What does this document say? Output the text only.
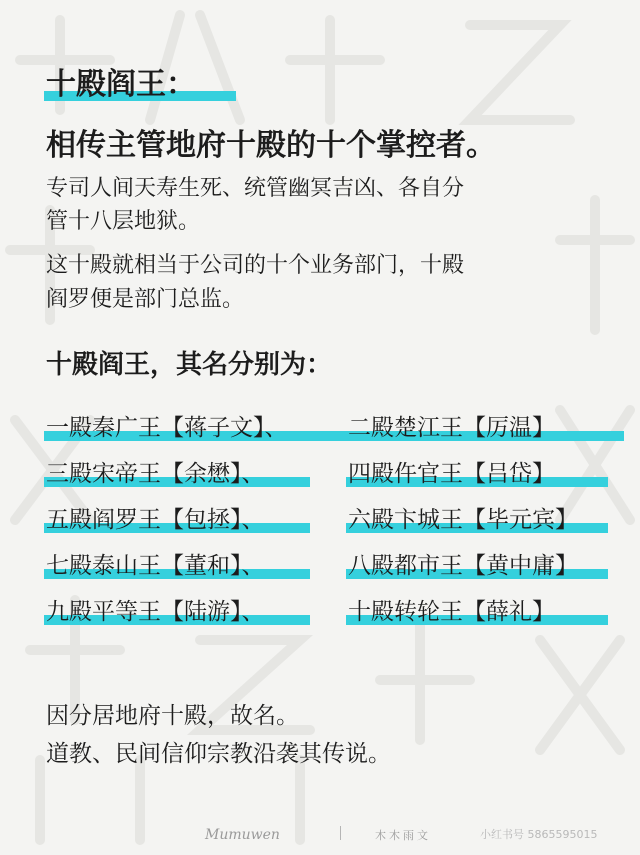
十殿阎王：
相传主管地府十殿的十个掌控者。
专司人间天寿生死、统管幽冥吉凶、各自分
管十八层地狱。
这十殿就相当于公司的十个业务部门，十殿
阎罗便是部门总监。
十殿阎王，其名分别为：
一殿秦广王【蒋子文】、	二殿楚江王【厉温】
三殿宋帝王【余懋】、	四殿仵官王【吕岱】
五殿阎罗王【包拯】、	六殿卞城王【毕元宾】
七殿泰山王【董和】、	八殿都市王【黄中庸】
九殿平等王【陆游】、	十殿转轮王【薛礼】
因分居地府十殿，故名。
道教、民间信仰宗教沿袭其传说。
Mumuwen	木木雨文	小红书号 5865595015
